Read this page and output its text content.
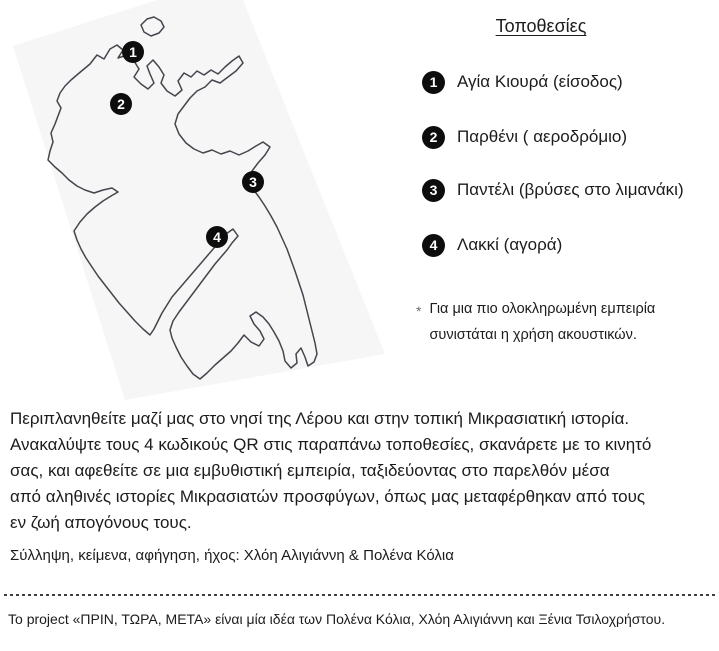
1
2
3
4
Τοποθεσίες
1	Αγία Κιουρά (είσοδος)
2	Παρθένι ( αεροδρόμιο)
3	Παντέλι (βρύσες στο λιμανάκι)
4	Λακκί (αγορά)
* Για μια πιο ολοκληρωμένη εμπειρία
συνιστάται η χρήση ακουστικών.
Περιπλανηθείτε μαζί μας στο νησί της Λέρου και στην τοπική Μικρασιατική ιστορία.
Ανακαλύψτε τους 4 κωδικούς QR στις παραπάνω τοποθεσίες, σκανάρετε με το κινητό
σας, και αφεθείτε σε μια εμβυθιστική εμπειρία, ταξιδεύοντας στο παρελθόν μέσα
από αληθινές ιστορίες Μικρασιατών προσφύγων, όπως μας μεταφέρθηκαν από τους
εν ζωή απογόνους τους.
Σύλληψη, κείμενα, αφήγηση, ήχος: Χλόη Αλιγιάννη & Πολένα Κόλια
Το project «ΠΡΙΝ, ΤΩΡΑ, ΜΕΤΑ» είναι μία ιδέα των Πολένα Κόλια, Χλόη Αλιγιάννη και Ξένια Τσιλοχρήστου.
